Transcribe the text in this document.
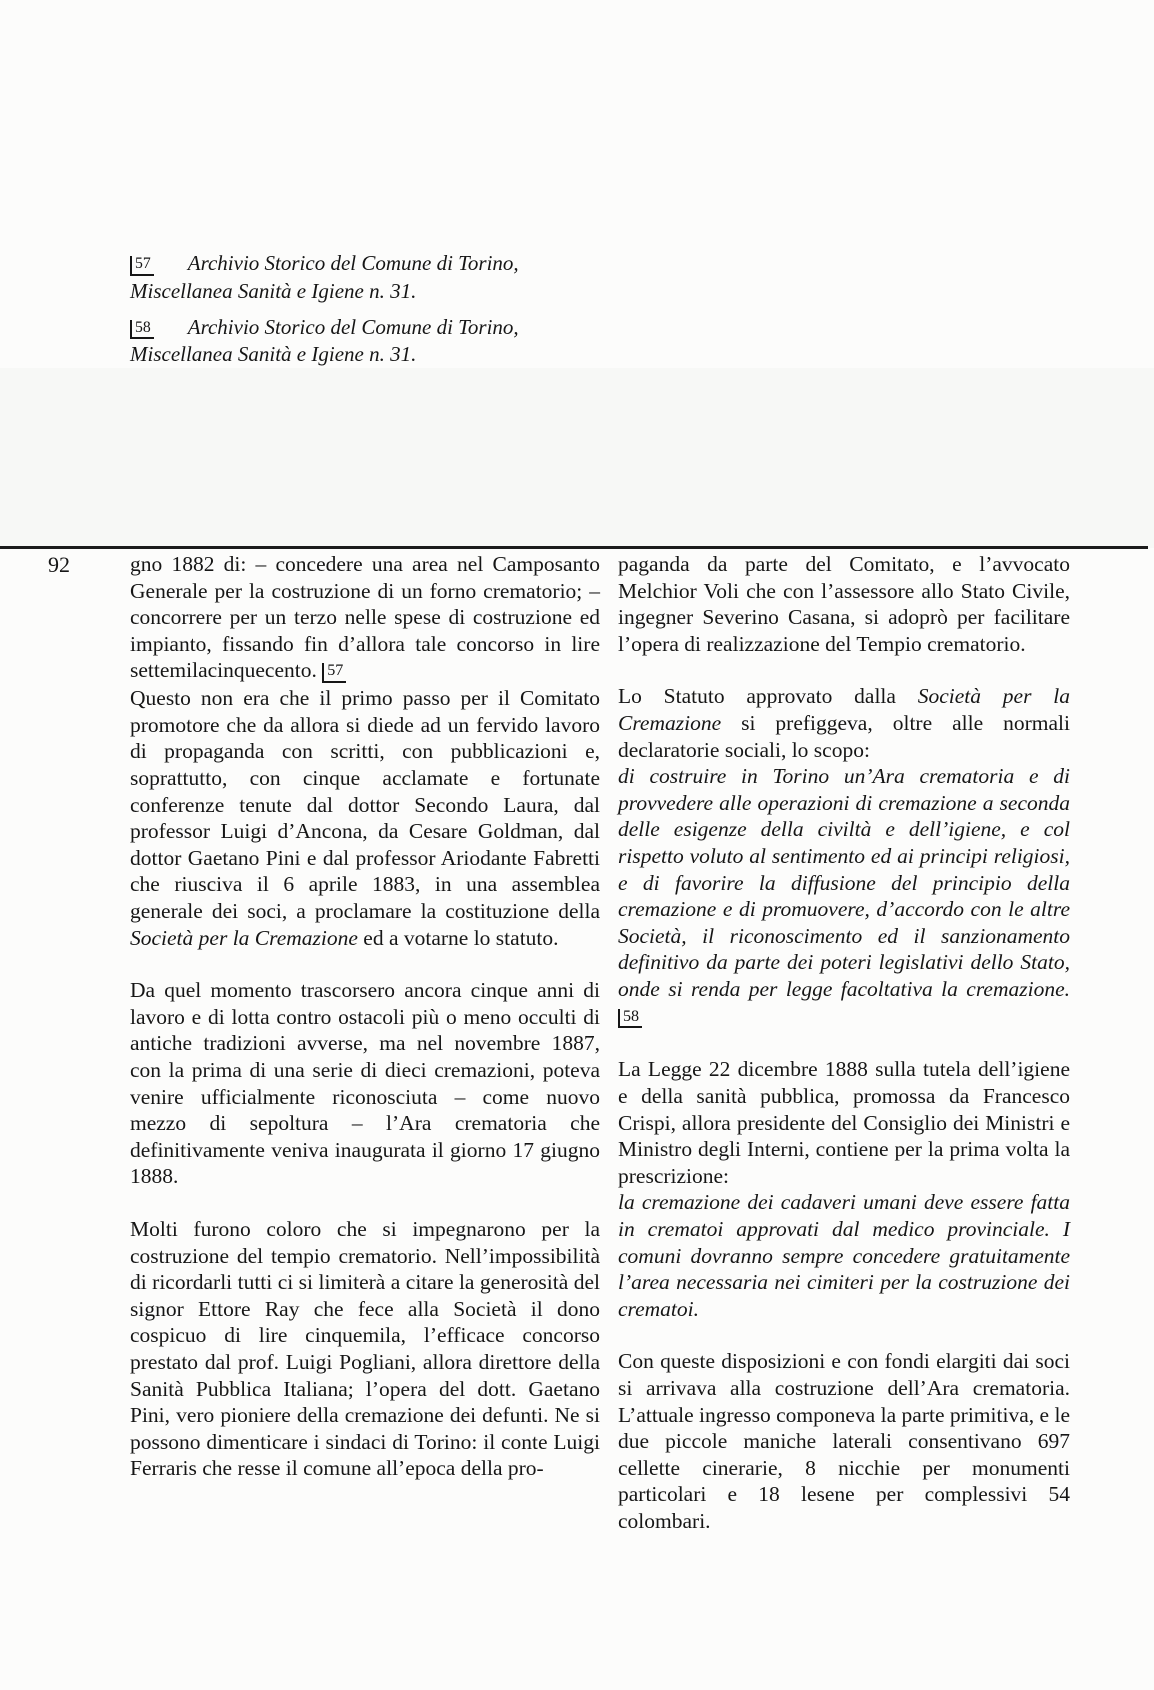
57 Archivio Storico del Comune di Torino, Miscellanea Sanità e Igiene n. 31.
58 Archivio Storico del Comune di Torino, Miscellanea Sanità e Igiene n. 31.
92	gno 1882 di: – concedere una area nel Camposanto Generale per la costruzione di un forno crematorio; – concorrere per un terzo nelle spese di costruzione ed impianto, fissando fin d’allora tale concorso in lire settemilacinquecento. 57

Questo non era che il primo passo per il Comitato promotore che da allora si diede ad un fervido lavoro di propaganda con scritti, con pubblicazioni e, soprattutto, con cinque acclamate e fortunate conferenze tenute dal dottor Secondo Laura, dal professor Luigi d’Ancona, da Cesare Goldman, dal dottor Gaetano Pini e dal professor Ariodante Fabretti che riusciva il 6 aprile 1883, in una assemblea generale dei soci, a proclamare la costituzione della Società per la Cremazione ed a votarne lo statuto.

Da quel momento trascorsero ancora cinque anni di lavoro e di lotta contro ostacoli più o meno occulti di antiche tradizioni avverse, ma nel novembre 1887, con la prima di una serie di dieci cremazioni, poteva venire ufficialmente riconosciuta – come nuovo mezzo di sepoltura – l’Ara crematoria che definitivamente veniva inaugurata il giorno 17 giugno 1888.

Molti furono coloro che si impegnarono per la costruzione del tempio crematorio. Nell’impossibilità di ricordarli tutti ci si limiterà a citare la generosità del signor Ettore Ray che fece alla Società il dono cospicuo di lire cinquemila, l’efficace concorso prestato dal prof. Luigi Pogliani, allora direttore della Sanità Pubblica Italiana; l’opera del dott. Gaetano Pini, vero pioniere della cremazione dei defunti. Ne si possono dimenticare i sindaci di Torino: il conte Luigi Ferraris che resse il comune all’epoca della pro-

paganda da parte del Comitato, e l’avvocato Melchior Voli che con l’assessore allo Stato Civile, ingegner Severino Casana, si adoprò per facilitare l’opera di realizzazione del Tempio crematorio.

Lo Statuto approvato dalla Società per la Cremazione si prefiggeva, oltre alle normali declaratorie sociali, lo scopo:

di costruire in Torino un’Ara crematoria e di provvedere alle operazioni di cremazione a seconda delle esigenze della civiltà e dell’igiene, e col rispetto voluto al sentimento ed ai principi religiosi, e di favorire la diffusione del principio della cremazione e di promuovere, d’accordo con le altre Società, il riconoscimento ed il sanzionamento definitivo da parte dei poteri legislativi dello Stato, onde si renda per legge facoltativa la cremazione. 58

La Legge 22 dicembre 1888 sulla tutela dell’igiene e della sanità pubblica, promossa da Francesco Crispi, allora presidente del Consiglio dei Ministri e Ministro degli Interni, contiene per la prima volta la prescrizione:

la cremazione dei cadaveri umani deve essere fatta in crematoi approvati dal medico provinciale. I comuni dovranno sempre concedere gratuitamente l’area necessaria nei cimiteri per la costruzione dei crematoi.

Con queste disposizioni e con fondi elargiti dai soci si arrivava alla costruzione dell’Ara crematoria. L’attuale ingresso componeva la parte primitiva, e le due piccole maniche laterali consentivano 697 cellette cinerarie, 8 nicchie per monumenti particolari e 18 lesene per complessivi 54 colombari.
